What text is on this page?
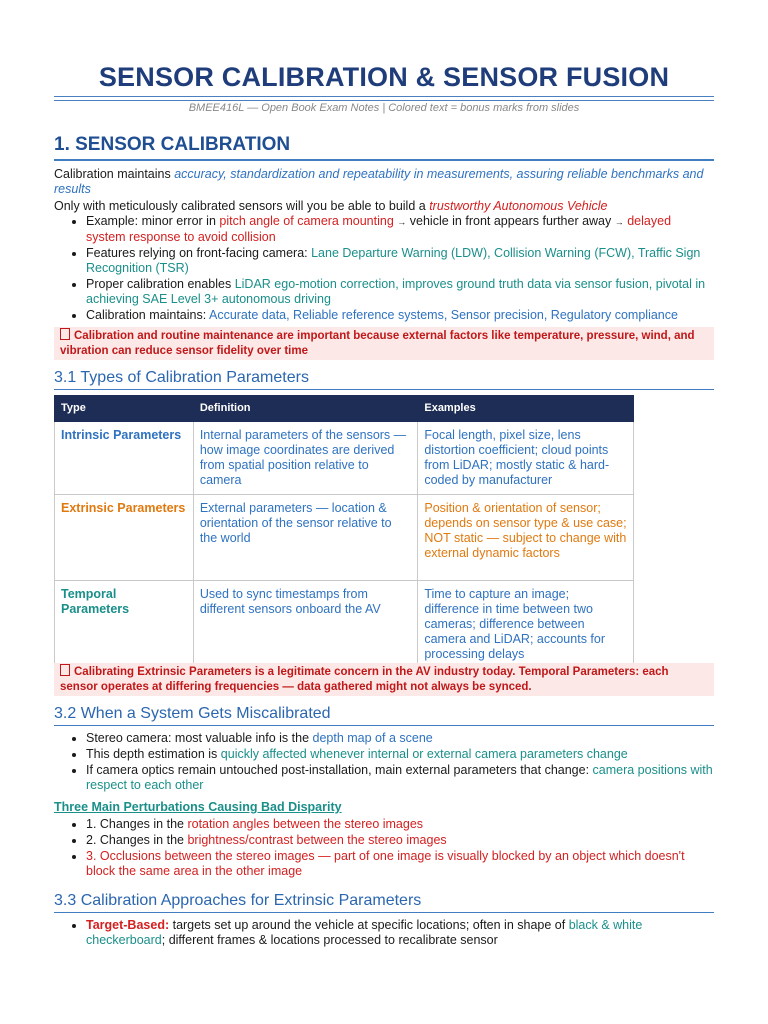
SENSOR CALIBRATION & SENSOR FUSION
BMEE416L — Open Book Exam Notes | Colored text = bonus marks from slides
1. SENSOR CALIBRATION

Calibration maintains accuracy, standardization and repeatability in measurements, assuring reliable benchmarks and results

Only with meticulously calibrated sensors will you be able to build a trustworthy Autonomous Vehicle

• Example: minor error in pitch angle of camera mounting → vehicle in front appears further away → delayed system response to avoid collision
• Features relying on front-facing camera: Lane Departure Warning (LDW), Collision Warning (FCW), Traffic Sign Recognition (TSR)
• Proper calibration enables LiDAR ego-motion correction, improves ground truth data via sensor fusion, pivotal in achieving SAE Level 3+ autonomous driving
• Calibration maintains: Accurate data, Reliable reference systems, Sensor precision, Regulatory compliance
Calibration and routine maintenance are important because external factors like temperature, pressure, wind, and vibration can reduce sensor fidelity over time
3.1 Types of Calibration Parameters
Type	Definition	Examples
Intrinsic Parameters	Internal parameters of the sensors — how image coordinates are derived from spatial position relative to camera	Focal length, pixel size, lens distortion coefficient; cloud points from LiDAR; mostly static & hard-coded by manufacturer
Extrinsic Parameters	External parameters — location & orientation of the sensor relative to the world	Position & orientation of sensor; depends on sensor type & use case; NOT static — subject to change with external dynamic factors
Temporal Parameters	Used to sync timestamps from different sensors onboard the AV	Time to capture an image; difference in time between two cameras; difference between camera and LiDAR; accounts for processing delays
Calibrating Extrinsic Parameters is a legitimate concern in the AV industry today. Temporal Parameters: each sensor operates at differing frequencies — data gathered might not always be synced.
3.2 When a System Gets Miscalibrated
• Stereo camera: most valuable info is the depth map of a scene
• This depth estimation is quickly affected whenever internal or external camera parameters change
• If camera optics remain untouched post-installation, main external parameters that change: camera positions with respect to each other
Three Main Perturbations Causing Bad Disparity
• 1. Changes in the rotation angles between the stereo images
• 2. Changes in the brightness/contrast between the stereo images
• 3. Occlusions between the stereo images — part of one image is visually blocked by an object which doesn't block the same area in the other image
3.3 Calibration Approaches for Extrinsic Parameters
• Target-Based: targets set up around the vehicle at specific locations; often in shape of black & white checkerboard; different frames & locations processed to recalibrate sensor
